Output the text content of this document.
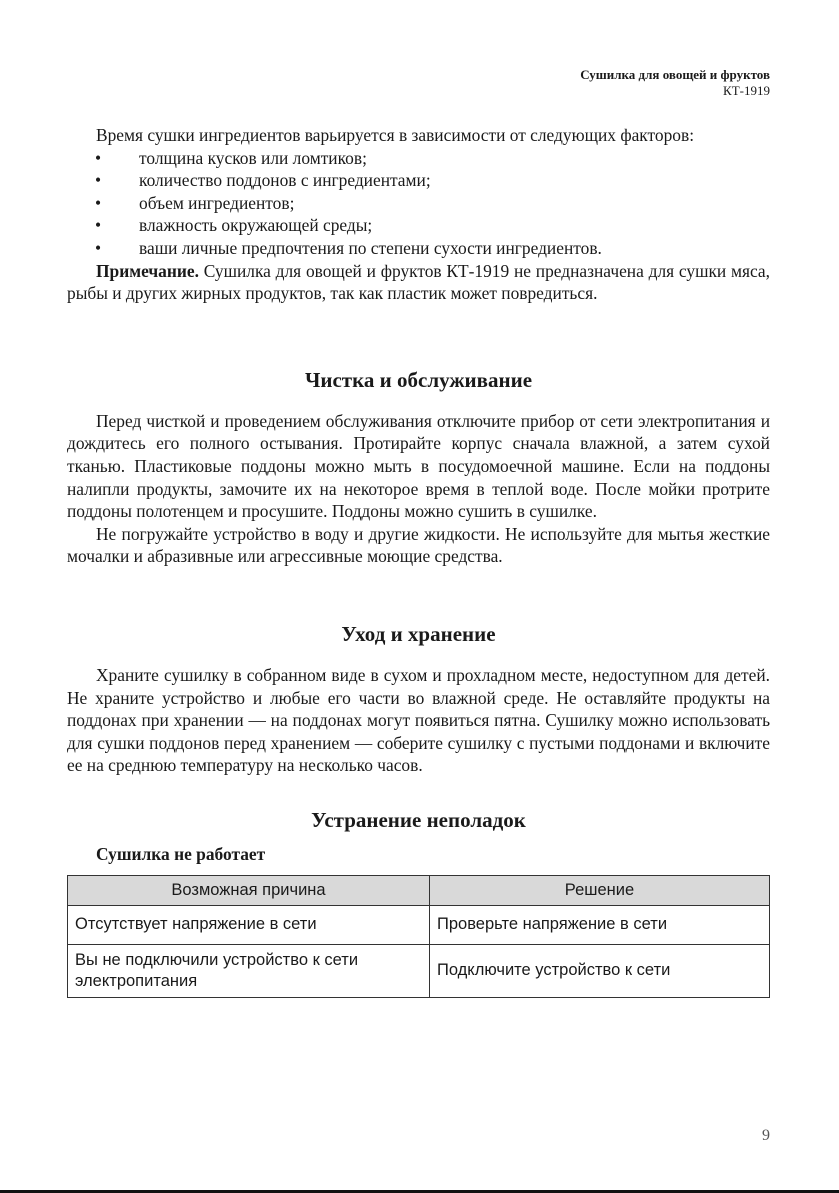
Сушилка для овощей и фруктов
КТ-1919

Время сушки ингредиентов варьируется в зависимости от следующих факторов:

• толщина кусков или ломтиков;
• количество поддонов с ингредиентами;
• объем ингредиентов;
• влажность окружающей среды;
• ваши личные предпочтения по степени сухости ингредиентов.

Примечание. Сушилка для овощей и фруктов КТ-1919 не предназначена для сушки мяса, рыбы и других жирных продуктов, так как пластик может повредиться.

Чистка и обслуживание

Перед чисткой и проведением обслуживания отключите прибор от сети электропитания и дождитесь его полного остывания. Протирайте корпус сначала влажной, а затем сухой тканью. Пластиковые поддоны можно мыть в посудомоечной машине. Если на поддоны налипли продукты, замочите их на некоторое время в теплой воде. После мойки протрите поддоны полотенцем и просушите. Поддоны можно сушить в сушилке.

Не погружайте устройство в воду и другие жидкости. Не используйте для мытья жесткие мочалки и абразивные или агрессивные моющие средства.

Уход и хранение

Храните сушилку в собранном виде в сухом и прохладном месте, недоступном для детей. Не храните устройство и любые его части во влажной среде. Не оставляйте продукты на поддонах при хранении — на поддонах могут появиться пятна. Сушилку можно использовать для сушки поддонов перед хранением — соберите сушилку с пустыми поддонами и включите ее на среднюю температуру на несколько часов.

Устранение неполадок
Сушилка не работает
Возможная причина	Решение
Отсутствует напряжение в сети	Проверьте напряжение в сети
Вы не подключили устройство к сети электропитания	Подключите устройство к сети
9
